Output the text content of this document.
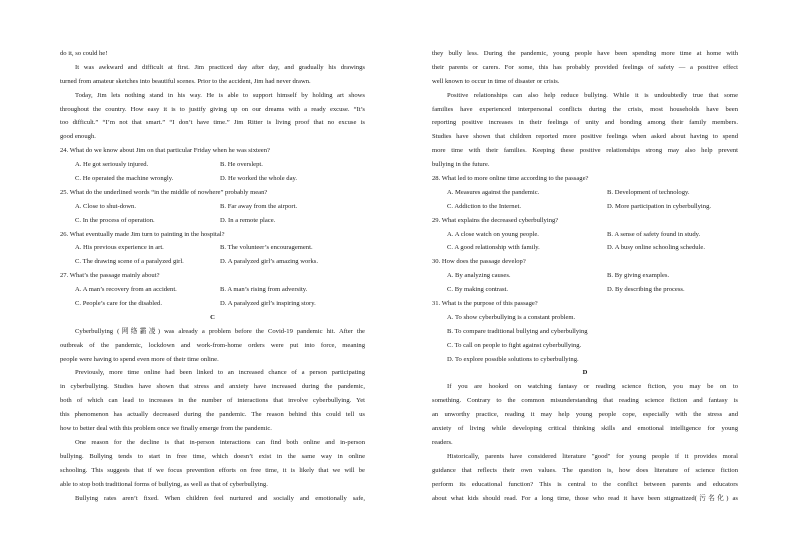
do it, so could he!
It was awkward and difficult at first. Jim practiced day after day, and gradually his drawings
turned from amateur sketches into beautiful scenes. Prior to the accident, Jim had never drawn.
Today, Jim lets nothing stand in his way. He is able to support himself by holding art shows
throughout the country. How easy it is to justify giving up on our dreams with a ready excuse. “It’s
too difficult.” “I’m not that smart.” “I don’t have time.” Jim Ritter is living proof that no excuse is
good enough.
24. What do we know about Jim on that particular Friday when he was sixteen?
A. He got seriously injured.	B. He overslept.
C. He operated the machine wrongly.	D. He worked the whole day.
25. What do the underlined words “in the middle of nowhere” probably mean?
A. Close to shut-down.	B. Far away from the airport.
C. In the process of operation.	D. In a remote place.
26. What eventually made Jim turn to painting in the hospital?
A. His previous experience in art.	B. The volunteer’s encouragement.
C. The drawing scene of a paralyzed girl.	D. A paralyzed girl’s amazing works.
27. What’s the passage mainly about?
A. A man’s recovery from an accident.	B. A man’s rising from adversity.
C. People’s care for the disabled.	D. A paralyzed girl’s inspiring story.
C
Cyberbullying (网络霸凌) was already a problem before the Covid-19 pandemic hit. After the
outbreak of the pandemic, lockdown and work-from-home orders were put into force, meaning
people were having to spend even more of their time online.
Previously, more time online had been linked to an increased chance of a person participating
in cyberbullying. Studies have shown that stress and anxiety have increased during the pandemic,
both of which can lead to increases in the number of interactions that involve cyberbullying. Yet
this phenomenon has actually decreased during the pandemic. The reason behind this could tell us
how to better deal with this problem once we finally emerge from the pandemic.
One reason for the decline is that in-person interactions can find both online and in-person
bullying. Bullying tends to start in free time, which doesn’t exist in the same way in online
schooling. This suggests that if we focus prevention efforts on free time, it is likely that we will be
able to stop both traditional forms of bullying, as well as that of cyberbullying.
Bullying rates aren’t fixed. When children feel nurtured and socially and emotionally safe,
they bully less. During the pandemic, young people have been spending more time at home with
their parents or carers. For some, this has probably provided feelings of safety — a positive effect
well known to occur in time of disaster or crisis.
Positive relationships can also help reduce bullying. While it is undoubtedly true that some
families have experienced interpersonal conflicts during the crisis, most households have been
reporting positive increases in their feelings of unity and bonding among their family members.
Studies have shown that children reported more positive feelings when asked about having to spend
more time with their families. Keeping these positive relationships strong may also help prevent
bullying in the future.
28. What led to more online time according to the passage?
A. Measures against the pandemic.	B. Development of technology.
C. Addiction to the Internet.	D. More participation in cyberbullying.
29. What explains the decreased cyberbullying?
A. A close watch on young people.	B. A sense of safety found in study.
C. A good relationship with family.	D. A busy online schooling schedule.
30. How does the passage develop?
A. By analyzing causes.	B. By giving examples.
C. By making contrast.	D. By describing the process.
31. What is the purpose of this passage?
A. To show cyberbullying is a constant problem.
B. To compare traditional bullying and cyberbullying
C. To call on people to fight against cyberbullying.
D. To explore possible solutions to cyberbullying.
D
If you are hooked on watching fantasy or reading science fiction, you may be on to
something. Contrary to the common misunderstanding that reading science fiction and fantasy is
an unworthy practice, reading it may help young people cope, especially with the stress and
anxiety of living while developing critical thinking skills and emotional intelligence for young
readers.
Historically, parents have considered literature "good" for young people if it provides moral
guidance that reflects their own values. The question is, how does literature of science fiction
perform its educational function? This is central to the conflict between parents and educators
about what kids should read. For a long time, those who read it have been stigmatized(污名化) as
